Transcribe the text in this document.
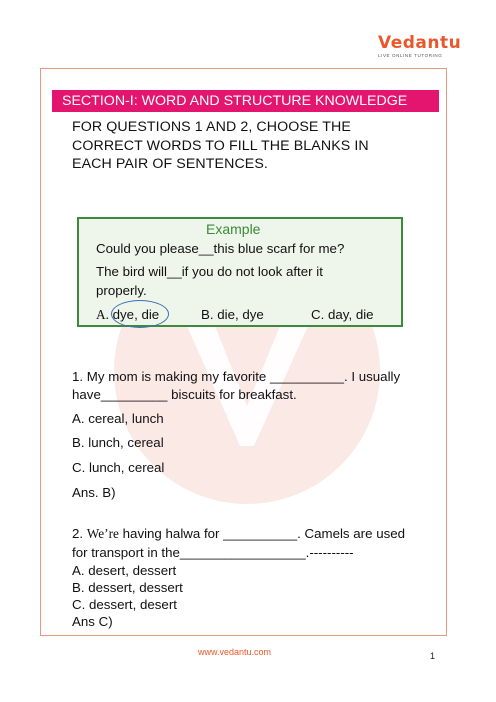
Vedantu
LIVE ONLINE TUTORING
SECTION-I: WORD AND STRUCTURE KNOWLEDGE
FOR QUESTIONS 1 AND 2, CHOOSE THE
CORRECT WORDS TO FILL THE BLANKS IN
EACH PAIR OF SENTENCES.
Example
Could you please__this blue scarf for me?
The bird will__if you do not look after it
properly.
A. dye, die	B. die, dye	C. day, die
1. My mom is making my favorite __________. I usually
have_________ biscuits for breakfast.
A. cereal, lunch
B. lunch, cereal
C. lunch, cereal
Ans. B)
2. We’re having halwa for __________. Camels are used
for transport in the_________________.----------
A. desert, dessert
B. dessert, dessert
C. dessert, desert
Ans C)
www.vedantu.com	1
